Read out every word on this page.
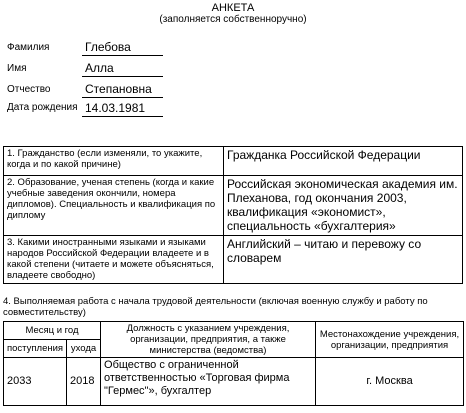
АНКЕТА
(заполняется собственноручно)
Фамилия	Глебова
Имя	Алла
Отчество	Степановна
Дата рождения 14.03.1981
1. Гражданство (если изменяли, то укажите, когда и по какой причине)	Гражданка Российской Федерации
2. Образование, ученая степень (когда и какие учебные заведения окончили, номера дипломов). Специальность и квалификация по диплому	Российская экономическая академия им. Плеханова, год окончания 2003, квалификация «экономист», специальность «бухгалтерия»
3. Какими иностранными языками и языками народов Российской Федерации владеете и в какой степени (читаете и можете объясняться, владеете свободно)	Английский – читаю и перевожу со словарем
4. Выполняемая работа с начала трудовой деятельности (включая военную службу и работу по совместительству)
Месяц и год		Должность с указанием учреждения, организации, предприятия, а также министерства (ведомства)	Местонахождение учреждения, организации, предприятия
поступления	ухода		
2033	2018	Общество с ограниченной ответственностью «Торговая фирма "Гермес"», бухгалтер	г. Москва
